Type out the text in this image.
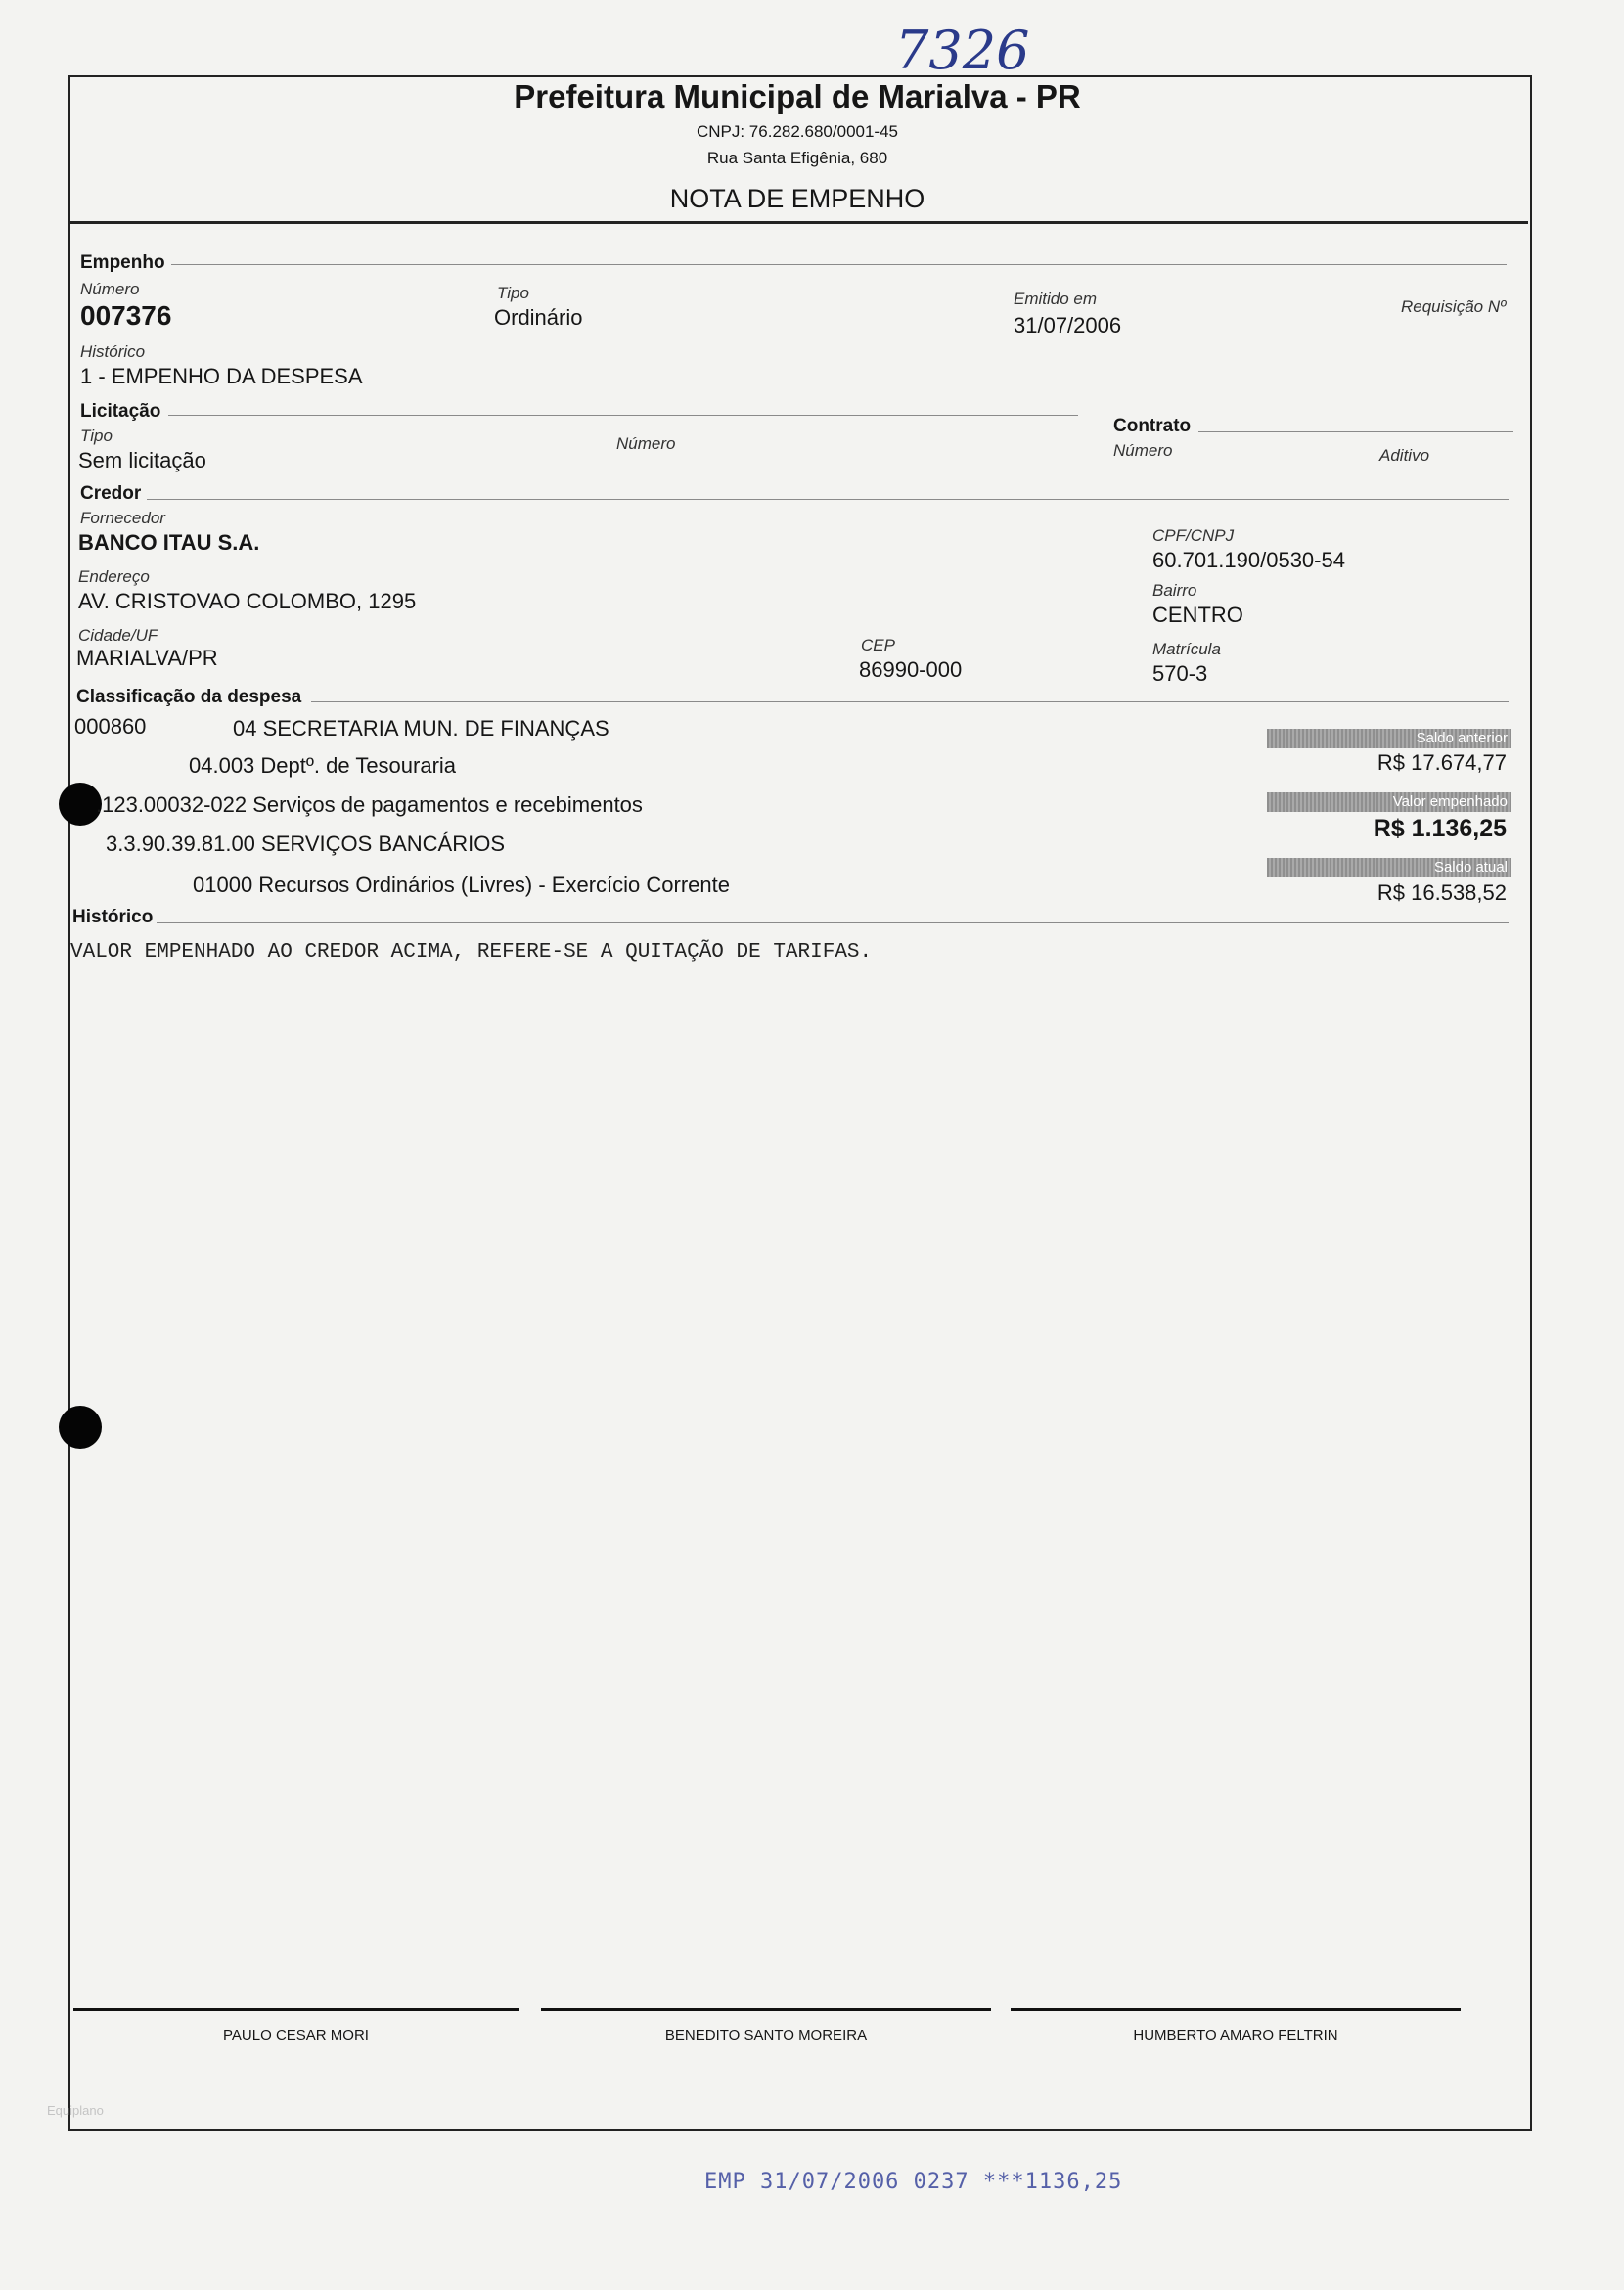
7326
Prefeitura Municipal de Marialva - PR
CNPJ: 76.282.680/0001-45
Rua Santa Efigênia, 680
NOTA DE EMPENHO
Empenho
Número
007376
Tipo
Ordinário
Emitido em
31/07/2006
Requisição Nº
Histórico
1 - EMPENHO DA DESPESA
Licitação
Tipo
Sem licitação
Número
Contrato
Número	Aditivo
Credor
Fornecedor
BANCO ITAU S.A.	CPF/CNPJ
60.701.190/0530-54
Endereço
AV. CRISTOVAO COLOMBO, 1295	Bairro
CENTRO
Cidade/UF
MARIALVA/PR
CEP
86990-000
Matrícula
570-3
Classificação da despesa
000860	04 SECRETARIA MUN. DE FINANÇAS
04.003 Deptº. de Tesouraria
.123.00032-022 Serviços de pagamentos e recebimentos
3.3.90.39.81.00 SERVIÇOS BANCÁRIOS
01000 Recursos Ordinários (Livres) - Exercício Corrente
Saldo anterior
R$ 17.674,77
Valor empenhado
R$ 1.136,25
Saldo atual
R$ 16.538,52
Histórico
VALOR EMPENHADO AO CREDOR ACIMA, REFERE-SE A QUITAÇÃO DE TARIFAS.
PAULO CESAR MORI	BENEDITO SANTO MOREIRA	HUMBERTO AMARO FELTRIN
Equiplano
EMP 31/07/2006 0237 ***1136,25
